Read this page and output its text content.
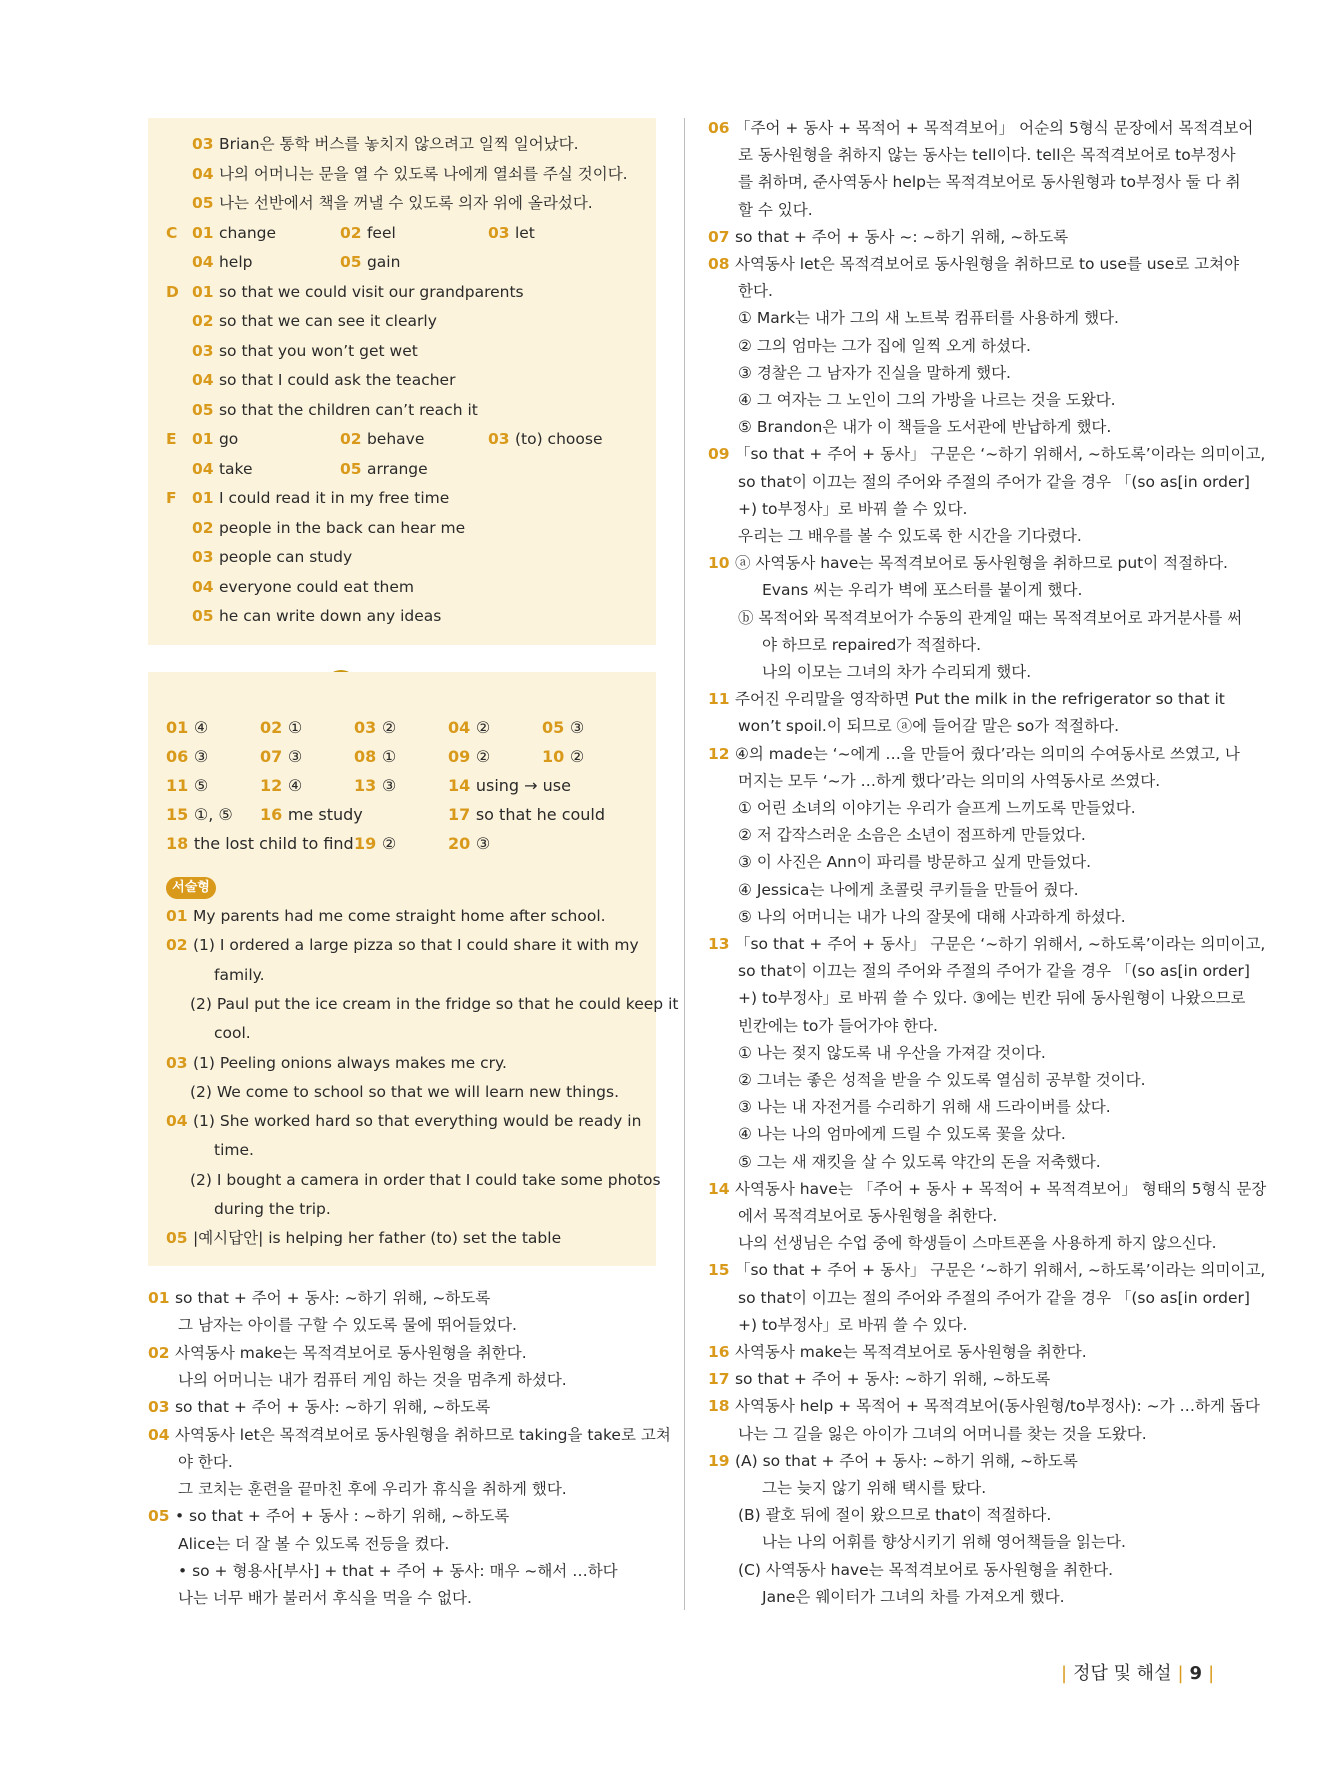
서술형
03 Brian은 통학 버스를 놓치지 않으려고 일찍 일어났다.
04 나의 어머니는 문을 열 수 있도록 나에게 열쇠를 주실 것이다.
05 나는 선반에서 책을 꺼낼 수 있도록 의자 위에 올라섰다.
C 01 change	02 feel	03 let
04 help	05 gain
D 01 so that we could visit our grandparents
02 so that we can see it clearly
03 so that you won’t get wet
04 so that I could ask the teacher
05 so that the children can’t reach it
E 01 go	02 behave	03 (to) choose
04 take	05 arrange
F 01 I could read it in my free time
02 people in the back can hear me
03 people can study
04 everyone could eat them
05 he can write down any ideas
01 ④	02 ①	03 ②	04 ②	05 ③
06 ③	07 ③	08 ①	09 ②	10 ②
11 ⑤	12 ④	13 ③	14 using → use
15 ①, ⑤ 16 me study	17 so that he could
18 the lost child to find 19 ②	20 ③
01 My parents had me come straight home after school.
02 (1) I ordered a large pizza so that I could share it with my
family.
(2) Paul put the ice cream in the fridge so that he could keep it
cool.
03 (1) Peeling onions always makes me cry.
(2) We come to school so that we will learn new things.
04 (1) She worked hard so that everything would be ready in
time.
(2) I bought a camera in order that I could take some photos
during the trip.
05 |예시답안| is helping her father (to) set the table
01 so that + 주어 + 동사: ~하기 위해, ~하도록
그 남자는 아이를 구할 수 있도록 물에 뛰어들었다.
02 사역동사 make는 목적격보어로 동사원형을 취한다.
나의 어머니는 내가 컴퓨터 게임 하는 것을 멈추게 하셨다.
03 so that + 주어 + 동사: ~하기 위해, ~하도록
04 사역동사 let은 목적격보어로 동사원형을 취하므로 taking을 take로 고쳐
야 한다.
그 코치는 훈련을 끝마친 후에 우리가 휴식을 취하게 했다.
05 • so that + 주어 + 동사 : ~하기 위해, ~하도록
Alice는 더 잘 볼 수 있도록 전등을 켰다.
• so + 형용사[부사] + that + 주어 + 동사: 매우 ~해서 …하다
나는 너무 배가 불러서 후식을 먹을 수 없다.
06 「주어 + 동사 + 목적어 + 목적격보어」 어순의 5형식 문장에서 목적격보어
로 동사원형을 취하지 않는 동사는 tell이다. tell은 목적격보어로 to부정사
를 취하며, 준사역동사 help는 목적격보어로 동사원형과 to부정사 둘 다 취
할 수 있다.
07 so that + 주어 + 동사 ~: ~하기 위해, ~하도록
08 사역동사 let은 목적격보어로 동사원형을 취하므로 to use를 use로 고쳐야
한다.
① Mark는 내가 그의 새 노트북 컴퓨터를 사용하게 했다.
② 그의 엄마는 그가 집에 일찍 오게 하셨다.
③ 경찰은 그 남자가 진실을 말하게 했다.
④ 그 여자는 그 노인이 그의 가방을 나르는 것을 도왔다.
⑤ Brandon은 내가 이 책들을 도서관에 반납하게 했다.
09 「so that + 주어 + 동사」 구문은 ‘~하기 위해서, ~하도록’이라는 의미이고,
so that이 이끄는 절의 주어와 주절의 주어가 같을 경우 「(so as[in order]
+) to부정사」로 바꿔 쓸 수 있다.
우리는 그 배우를 볼 수 있도록 한 시간을 기다렸다.
10 ⓐ 사역동사 have는 목적격보어로 동사원형을 취하므로 put이 적절하다.
Evans 씨는 우리가 벽에 포스터를 붙이게 했다.
ⓑ 목적어와 목적격보어가 수동의 관계일 때는 목적격보어로 과거분사를 써
야 하므로 repaired가 적절하다.
나의 이모는 그녀의 차가 수리되게 했다.
11 주어진 우리말을 영작하면 Put the milk in the refrigerator so that it
won’t spoil.이 되므로 ⓐ에 들어갈 말은 so가 적절하다.
12 ④의 made는 ‘~에게 …을 만들어 줬다’라는 의미의 수여동사로 쓰였고, 나
머지는 모두 ‘~가 …하게 했다’라는 의미의 사역동사로 쓰였다.
① 어린 소녀의 이야기는 우리가 슬프게 느끼도록 만들었다.
② 저 갑작스러운 소음은 소년이 점프하게 만들었다.
③ 이 사진은 Ann이 파리를 방문하고 싶게 만들었다.
④ Jessica는 나에게 초콜릿 쿠키들을 만들어 줬다.
⑤ 나의 어머니는 내가 나의 잘못에 대해 사과하게 하셨다.
13 「so that + 주어 + 동사」 구문은 ‘~하기 위해서, ~하도록’이라는 의미이고,
so that이 이끄는 절의 주어와 주절의 주어가 같을 경우 「(so as[in order]
+) to부정사」로 바꿔 쓸 수 있다. ③에는 빈칸 뒤에 동사원형이 나왔으므로
빈칸에는 to가 들어가야 한다.
① 나는 젖지 않도록 내 우산을 가져갈 것이다.
② 그녀는 좋은 성적을 받을 수 있도록 열심히 공부할 것이다.
③ 나는 내 자전거를 수리하기 위해 새 드라이버를 샀다.
④ 나는 나의 엄마에게 드릴 수 있도록 꽃을 샀다.
⑤ 그는 새 재킷을 살 수 있도록 약간의 돈을 저축했다.
14 사역동사 have는 「주어 + 동사 + 목적어 + 목적격보어」 형태의 5형식 문장
에서 목적격보어로 동사원형을 취한다.
나의 선생님은 수업 중에 학생들이 스마트폰을 사용하게 하지 않으신다.
15 「so that + 주어 + 동사」 구문은 ‘~하기 위해서, ~하도록’이라는 의미이고,
so that이 이끄는 절의 주어와 주절의 주어가 같을 경우 「(so as[in order]
+) to부정사」로 바꿔 쓸 수 있다.
16 사역동사 make는 목적격보어로 동사원형을 취한다.
17 so that + 주어 + 동사: ~하기 위해, ~하도록
18 사역동사 help + 목적어 + 목적격보어(동사원형/to부정사): ~가 …하게 돕다
나는 그 길을 잃은 아이가 그녀의 어머니를 찾는 것을 도왔다.
19 (A) so that + 주어 + 동사: ~하기 위해, ~하도록
그는 늦지 않기 위해 택시를 탔다.
(B) 괄호 뒤에 절이 왔으므로 that이 적절하다.
나는 나의 어휘를 향상시키기 위해 영어책들을 읽는다.
(C) 사역동사 have는 목적격보어로 동사원형을 취한다.
Jane은 웨이터가 그녀의 차를 가져오게 했다.
| 정답 및 해설 | 9 |
